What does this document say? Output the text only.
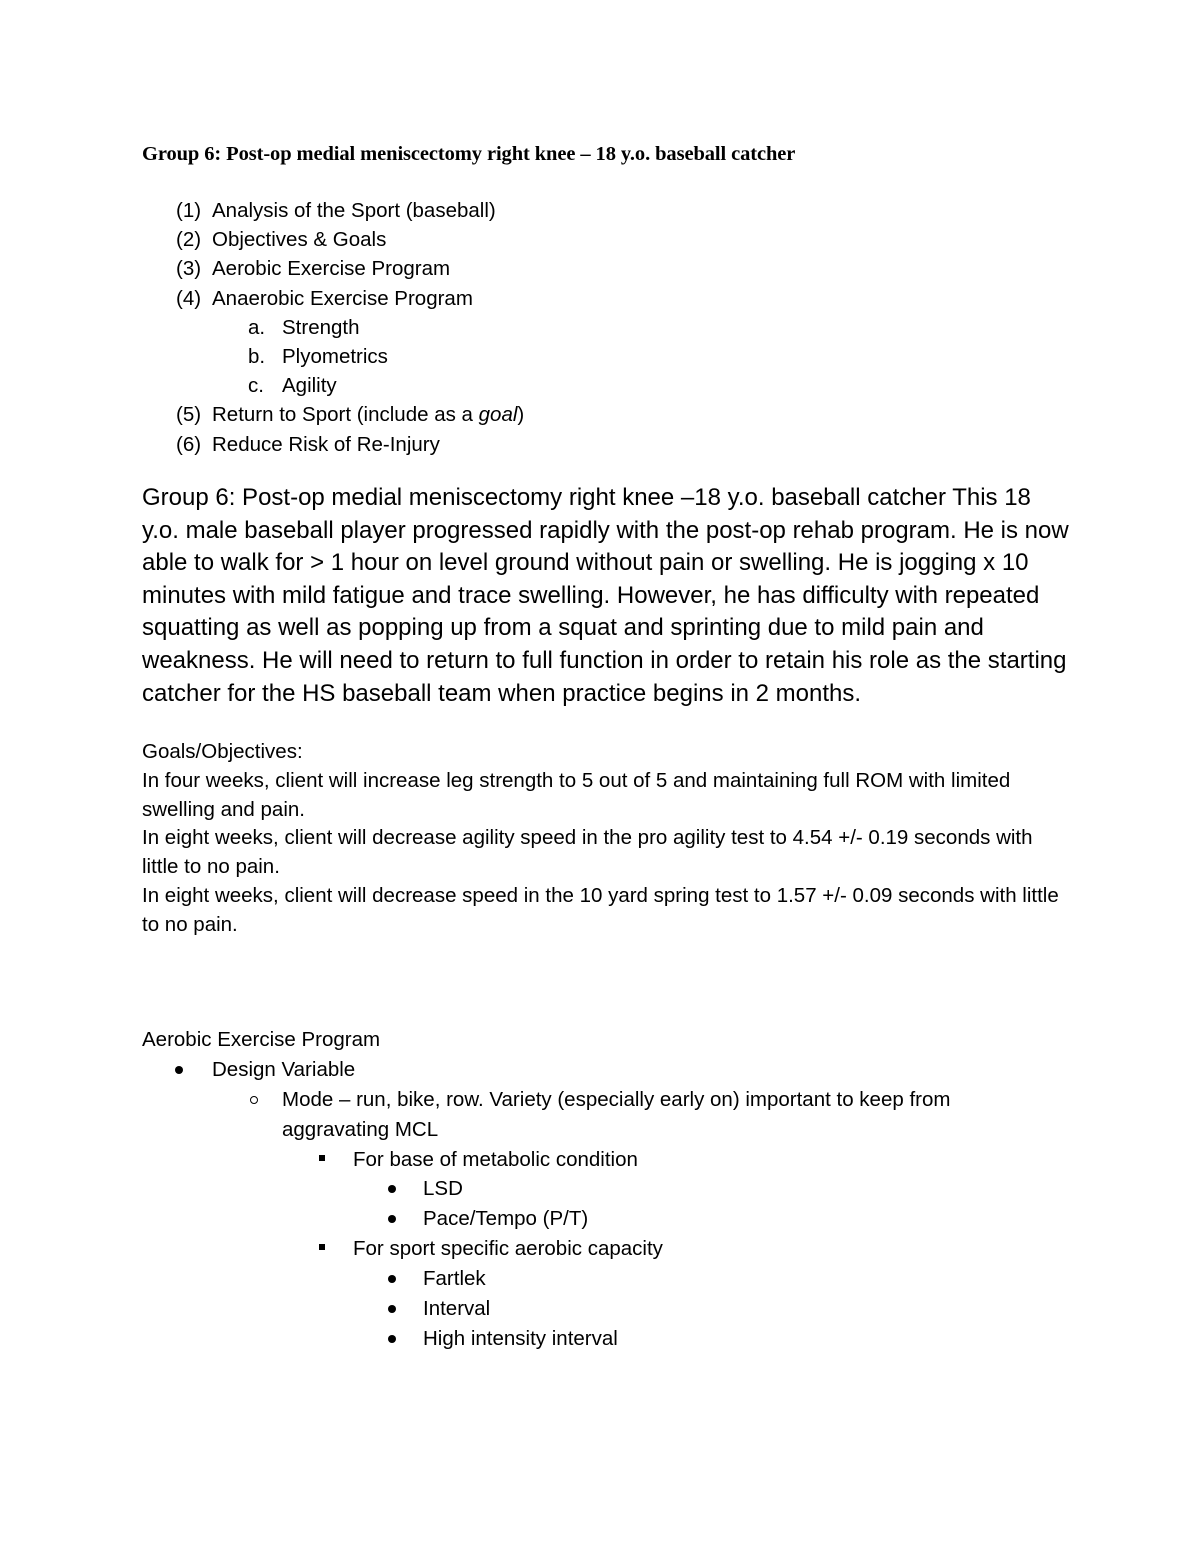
Group 6: Post-op medial meniscectomy right knee – 18 y.o. baseball catcher
(1) Analysis of the Sport (baseball)
(2) Objectives & Goals
(3) Aerobic Exercise Program
(4) Anaerobic Exercise Program
a. Strength
b. Plyometrics
c. Agility
(5) Return to Sport (include as a goal)
(6) Reduce Risk of Re-Injury
Group 6: Post-op medial meniscectomy right knee –18 y.o. baseball catcher This 18 y.o. male baseball player progressed rapidly with the post-op rehab program. He is now able to walk for > 1 hour on level ground without pain or swelling. He is jogging x 10 minutes with mild fatigue and trace swelling. However, he has difficulty with repeated squatting as well as popping up from a squat and sprinting due to mild pain and weakness. He will need to return to full function in order to retain his role as the starting catcher for the HS baseball team when practice begins in 2 months.

Goals/Objectives:

In four weeks, client will increase leg strength to 5 out of 5 and maintaining full ROM with limited swelling and pain.

In eight weeks, client will decrease agility speed in the pro agility test to 4.54 +/- 0.19 seconds with little to no pain.

In eight weeks, client will decrease speed in the 10 yard spring test to 1.57 +/- 0.09 seconds with little to no pain.

Aerobic Exercise Program
Design Variable
Mode – run, bike, row. Variety (especially early on) important to keep from aggravating MCL
For base of metabolic condition
LSD
Pace/Tempo (P/T)
For sport specific aerobic capacity
Fartlek
Interval
High intensity interval
